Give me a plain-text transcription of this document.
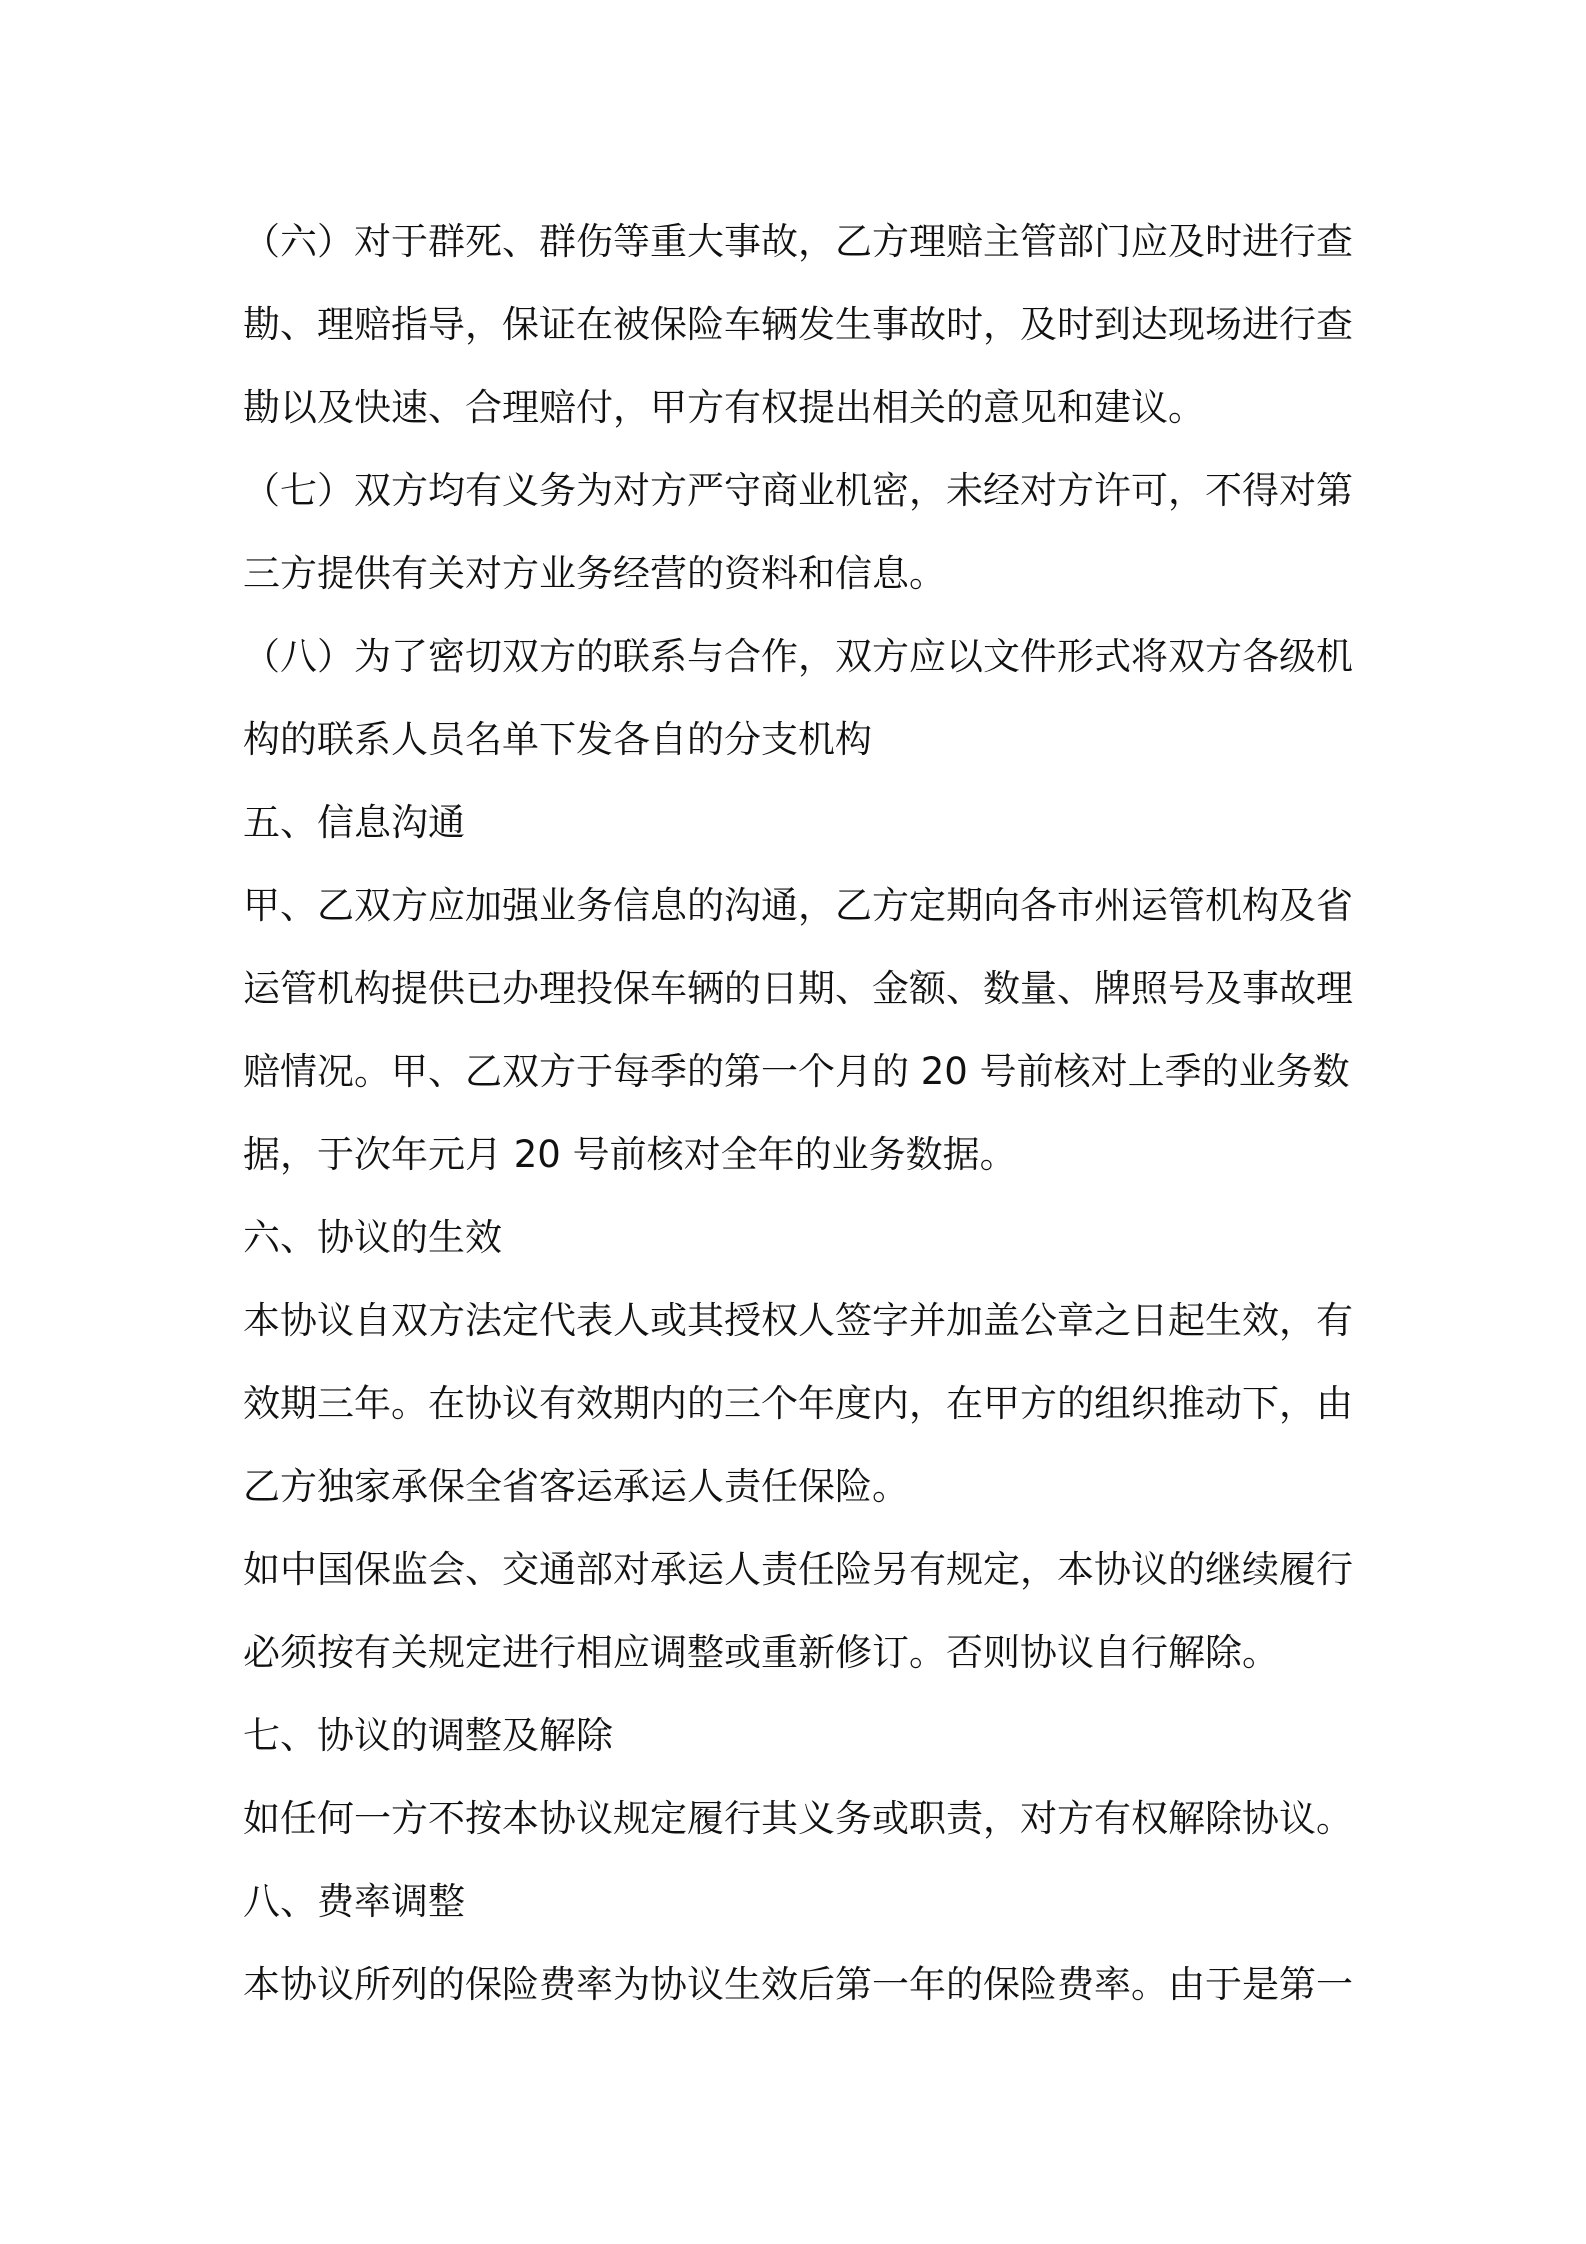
（六）对于群死、群伤等重大事故，乙方理赔主管部门应及时进行查
勘、理赔指导，保证在被保险车辆发生事故时，及时到达现场进行查
勘以及快速、合理赔付，甲方有权提出相关的意见和建议。
（七）双方均有义务为对方严守商业机密，未经对方许可，不得对第
三方提供有关对方业务经营的资料和信息。
（八）为了密切双方的联系与合作，双方应以文件形式将双方各级机
构的联系人员名单下发各自的分支机构
五、信息沟通
甲、乙双方应加强业务信息的沟通，乙方定期向各市州运管机构及省
运管机构提供已办理投保车辆的日期、金额、数量、牌照号及事故理
赔情况。甲、乙双方于每季的第一个月的 20 号前核对上季的业务数
据，于次年元月 20 号前核对全年的业务数据。
六、协议的生效
本协议自双方法定代表人或其授权人签字并加盖公章之日起生效，有
效期三年。在协议有效期内的三个年度内，在甲方的组织推动下，由
乙方独家承保全省客运承运人责任保险。
如中国保监会、交通部对承运人责任险另有规定，本协议的继续履行
必须按有关规定进行相应调整或重新修订。否则协议自行解除。
七、协议的调整及解除
如任何一方不按本协议规定履行其义务或职责，对方有权解除协议。
八、费率调整
本协议所列的保险费率为协议生效后第一年的保险费率。由于是第一
